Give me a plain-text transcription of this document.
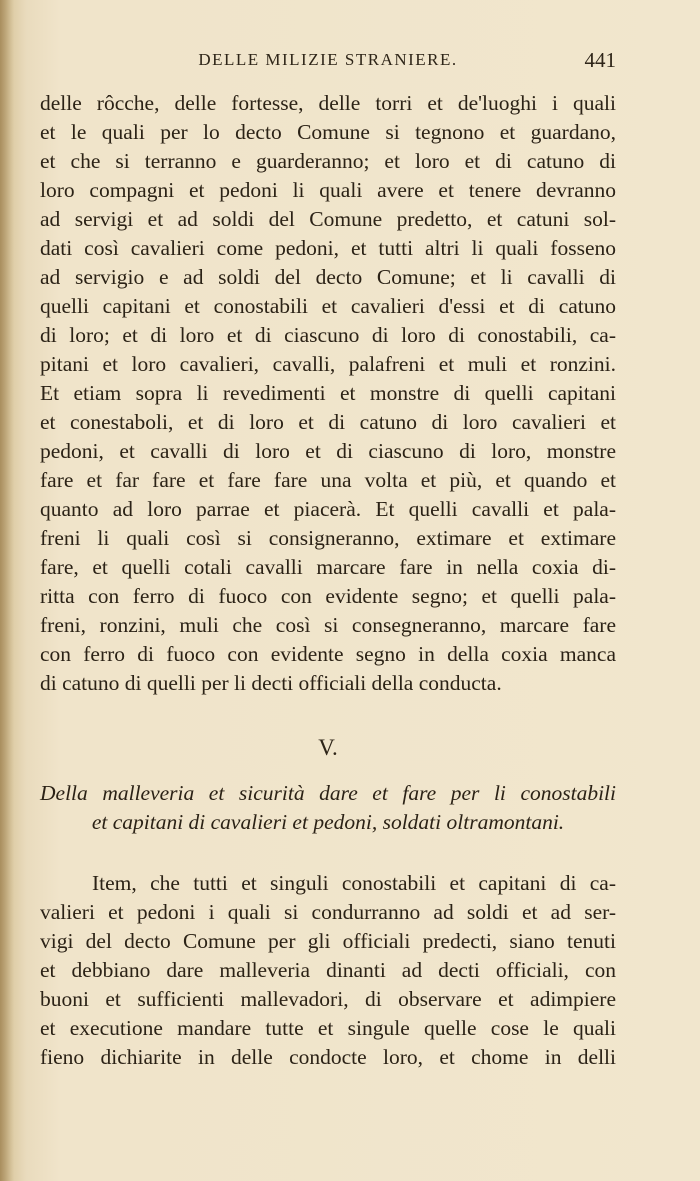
DELLE MILIZIE STRANIERE.	441
delle rôcche, delle fortesse, delle torri et de'luoghi i quali
et le quali per lo decto Comune si tegnono et guardano,
et che si terranno e guarderanno; et loro et di catuno di
loro compagni et pedoni li quali avere et tenere devranno
ad servigi et ad soldi del Comune predetto, et catuni sol-
dati così cavalieri come pedoni, et tutti altri li quali fosseno
ad servigio e ad soldi del decto Comune; et li cavalli di
quelli capitani et conostabili et cavalieri d'essi et di catuno
di loro; et di loro et di ciascuno di loro di conostabili, ca-
pitani et loro cavalieri, cavalli, palafreni et muli et ronzini.
Et etiam sopra li revedimenti et monstre di quelli capitani
et conestaboli, et di loro et di catuno di loro cavalieri et
pedoni, et cavalli di loro et di ciascuno di loro, monstre
fare et far fare et fare fare una volta et più, et quando et
quanto ad loro parrae et piacerà. Et quelli cavalli et pala-
freni li quali così si consigneranno, extimare et extimare
fare, et quelli cotali cavalli marcare fare in nella coxia di-
ritta con ferro di fuoco con evidente segno; et quelli pala-
freni, ronzini, muli che così si consegneranno, marcare fare
con ferro di fuoco con evidente segno in della coxia manca
di catuno di quelli per li decti officiali della conducta.
V.
Della malleveria et sicurità dare et fare per li conostabili
et capitani di cavalieri et pedoni, soldati oltramontani.
Item, che tutti et singuli conostabili et capitani di ca-
valieri et pedoni i quali si condurranno ad soldi et ad ser-
vigi del decto Comune per gli officiali predecti, siano tenuti
et debbiano dare malleveria dinanti ad decti officiali, con
buoni et sufficienti mallevadori, di observare et adimpiere
et executione mandare tutte et singule quelle cose le quali
fieno dichiarite in delle condocte loro, et chome in delli
